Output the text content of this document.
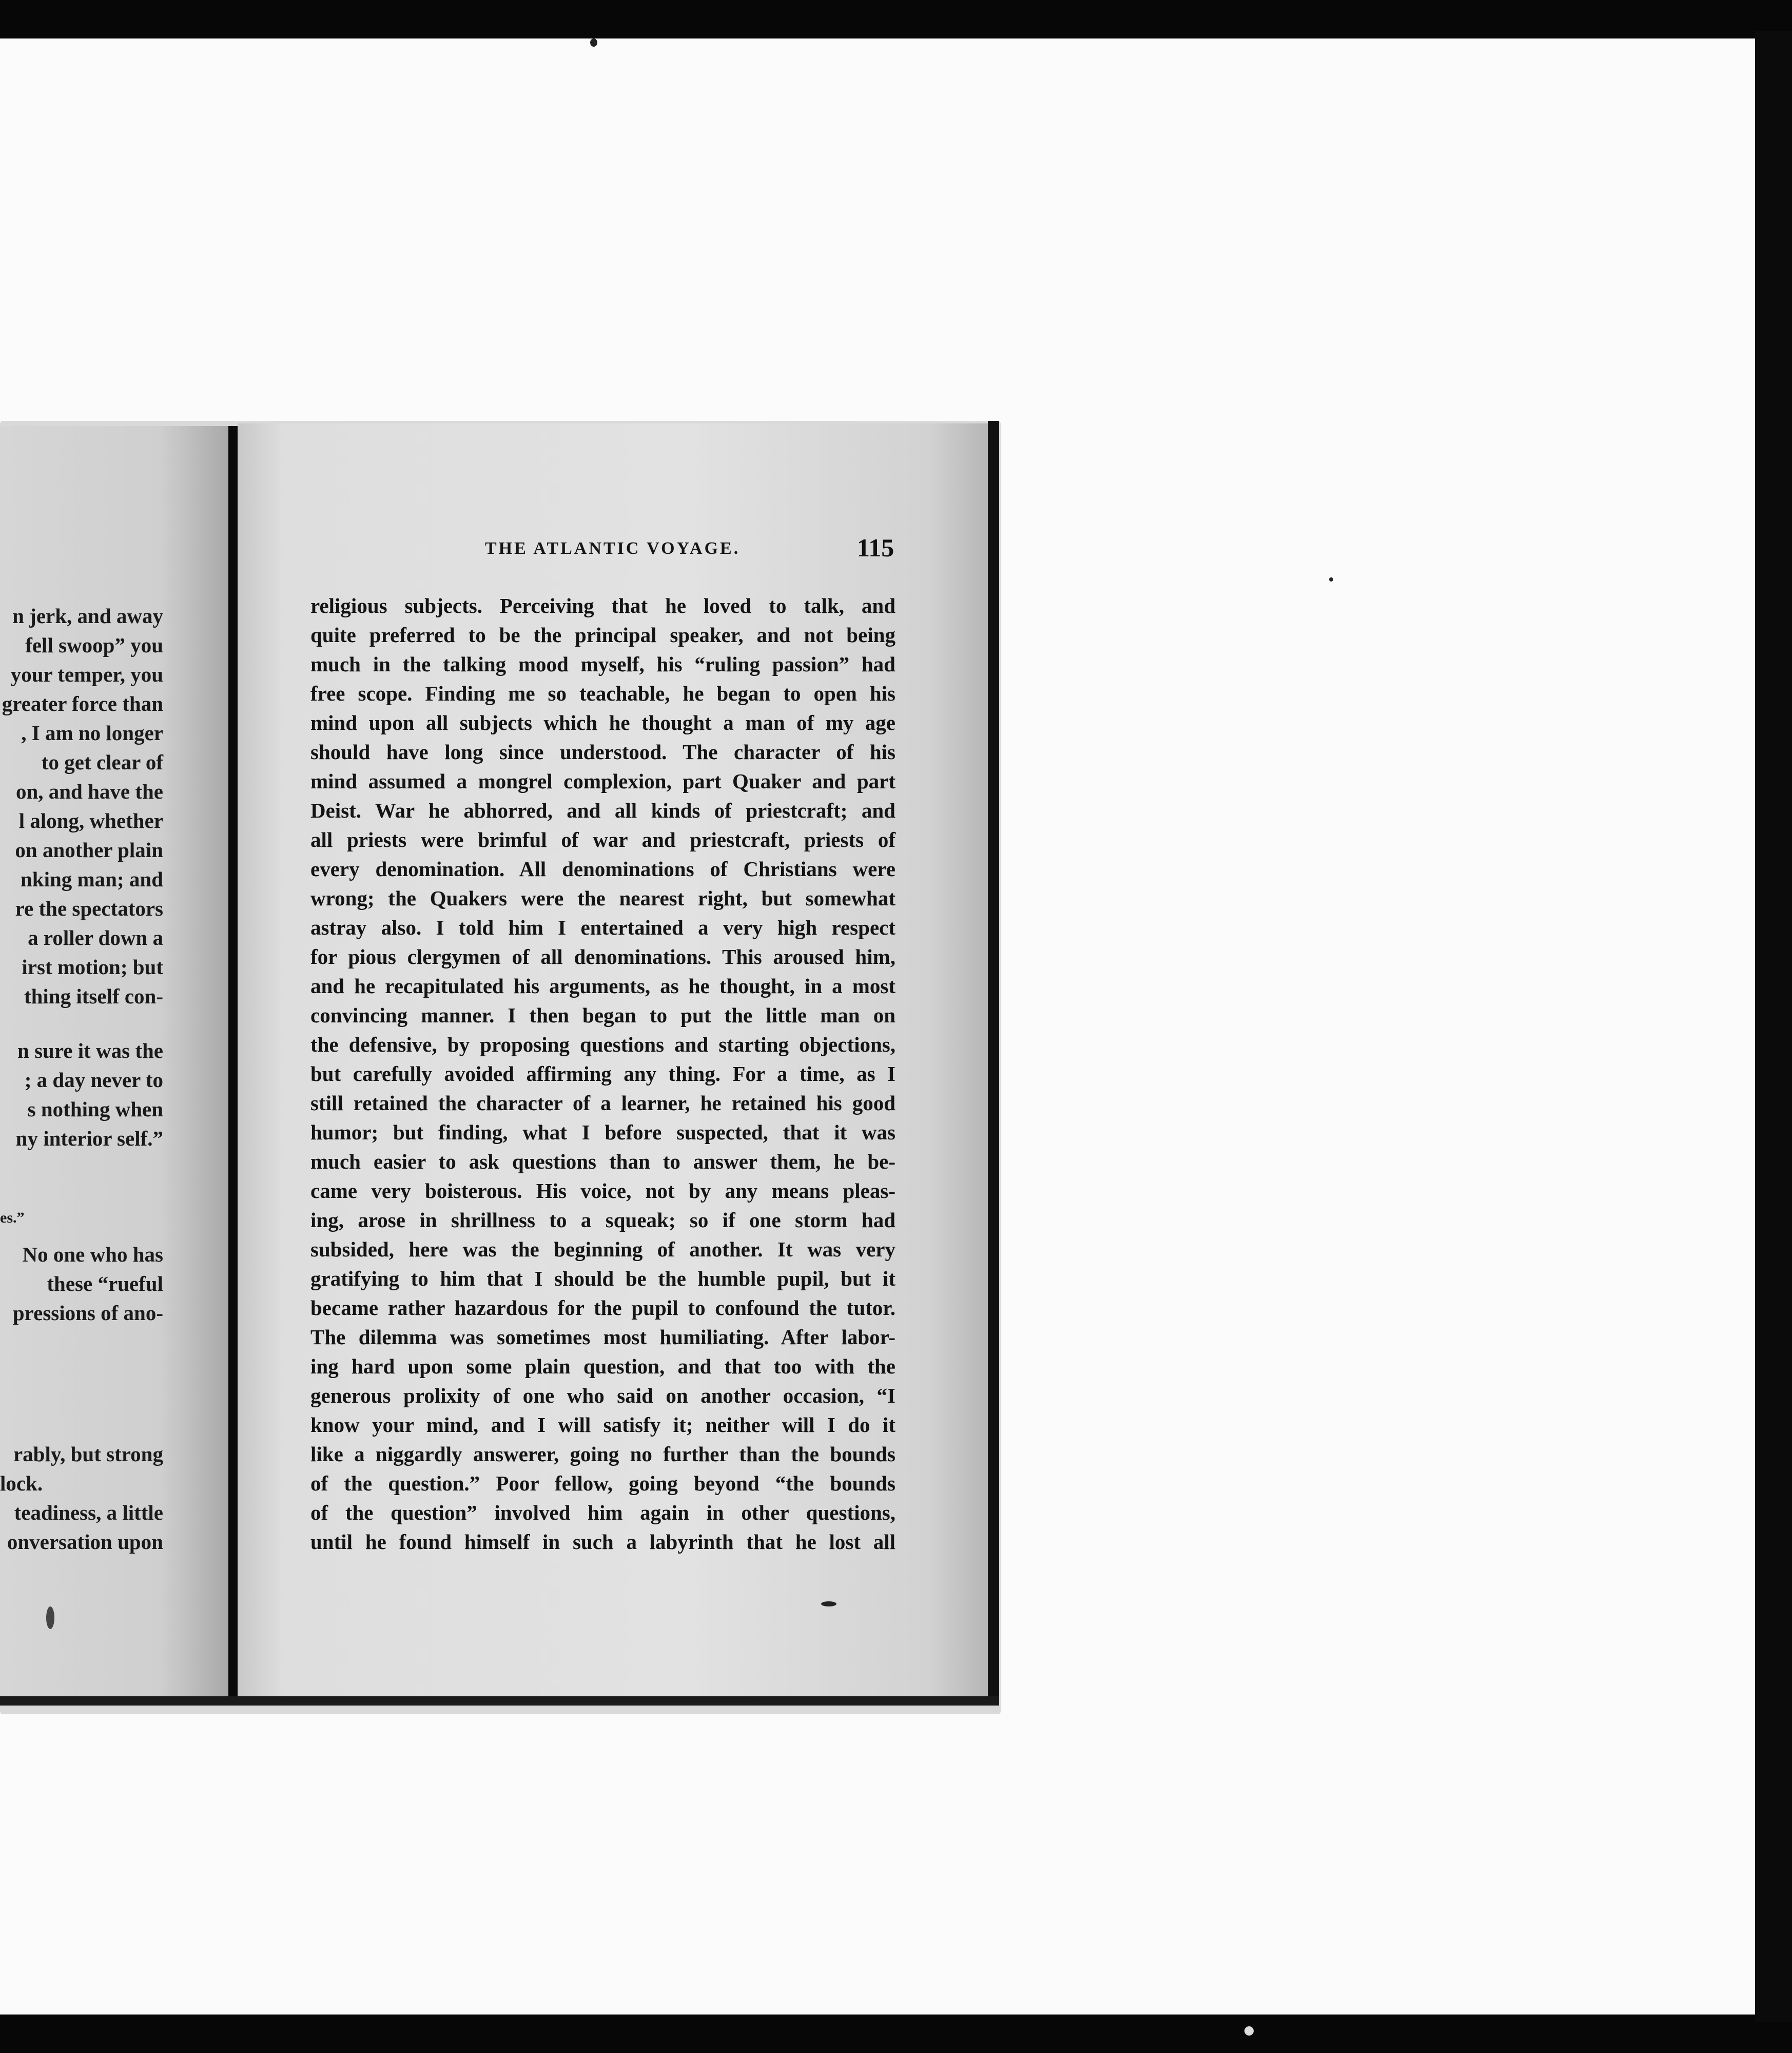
n jerk, and away

fell swoop” you

your temper, you

greater force than

, I am no longer

to get clear of

on, and have the

l along, whether

on another plain

nking man; and

re the spectators

a roller down a

irst motion; but

thing itself con-

n sure it was the

; a day never to

s nothing when

ny interior self.”

es.”

No one who has

these “rueful

pressions of ano-

rably, but strong

lock.

teadiness, a little

onversation upon

THE ATLANTIC VOYAGE.	115

religious subjects. Perceiving that he loved to talk, and

quite preferred to be the principal speaker, and not being

much in the talking mood myself, his “ruling passion” had

free scope. Finding me so teachable, he began to open his

mind upon all subjects which he thought a man of my age

should have long since understood. The character of his

mind assumed a mongrel complexion, part Quaker and part

Deist. War he abhorred, and all kinds of priestcraft; and

all priests were brimful of war and priestcraft, priests of

every denomination. All denominations of Christians were

wrong; the Quakers were the nearest right, but somewhat

astray also. I told him I entertained a very high respect

for pious clergymen of all denominations. This aroused him,

and he recapitulated his arguments, as he thought, in a most

convincing manner. I then began to put the little man on

the defensive, by proposing questions and starting objections,

but carefully avoided affirming any thing. For a time, as I

still retained the character of a learner, he retained his good

humor; but finding, what I before suspected, that it was

much easier to ask questions than to answer them, he be-

came very boisterous. His voice, not by any means pleas-

ing, arose in shrillness to a squeak; so if one storm had

subsided, here was the beginning of another. It was very

gratifying to him that I should be the humble pupil, but it

became rather hazardous for the pupil to confound the tutor.

The dilemma was sometimes most humiliating. After labor-

ing hard upon some plain question, and that too with the

generous prolixity of one who said on another occasion, “I

know your mind, and I will satisfy it; neither will I do it

like a niggardly answerer, going no further than the bounds

of the question.” Poor fellow, going beyond “the bounds

of the question” involved him again in other questions,

until he found himself in such a labyrinth that he lost all
